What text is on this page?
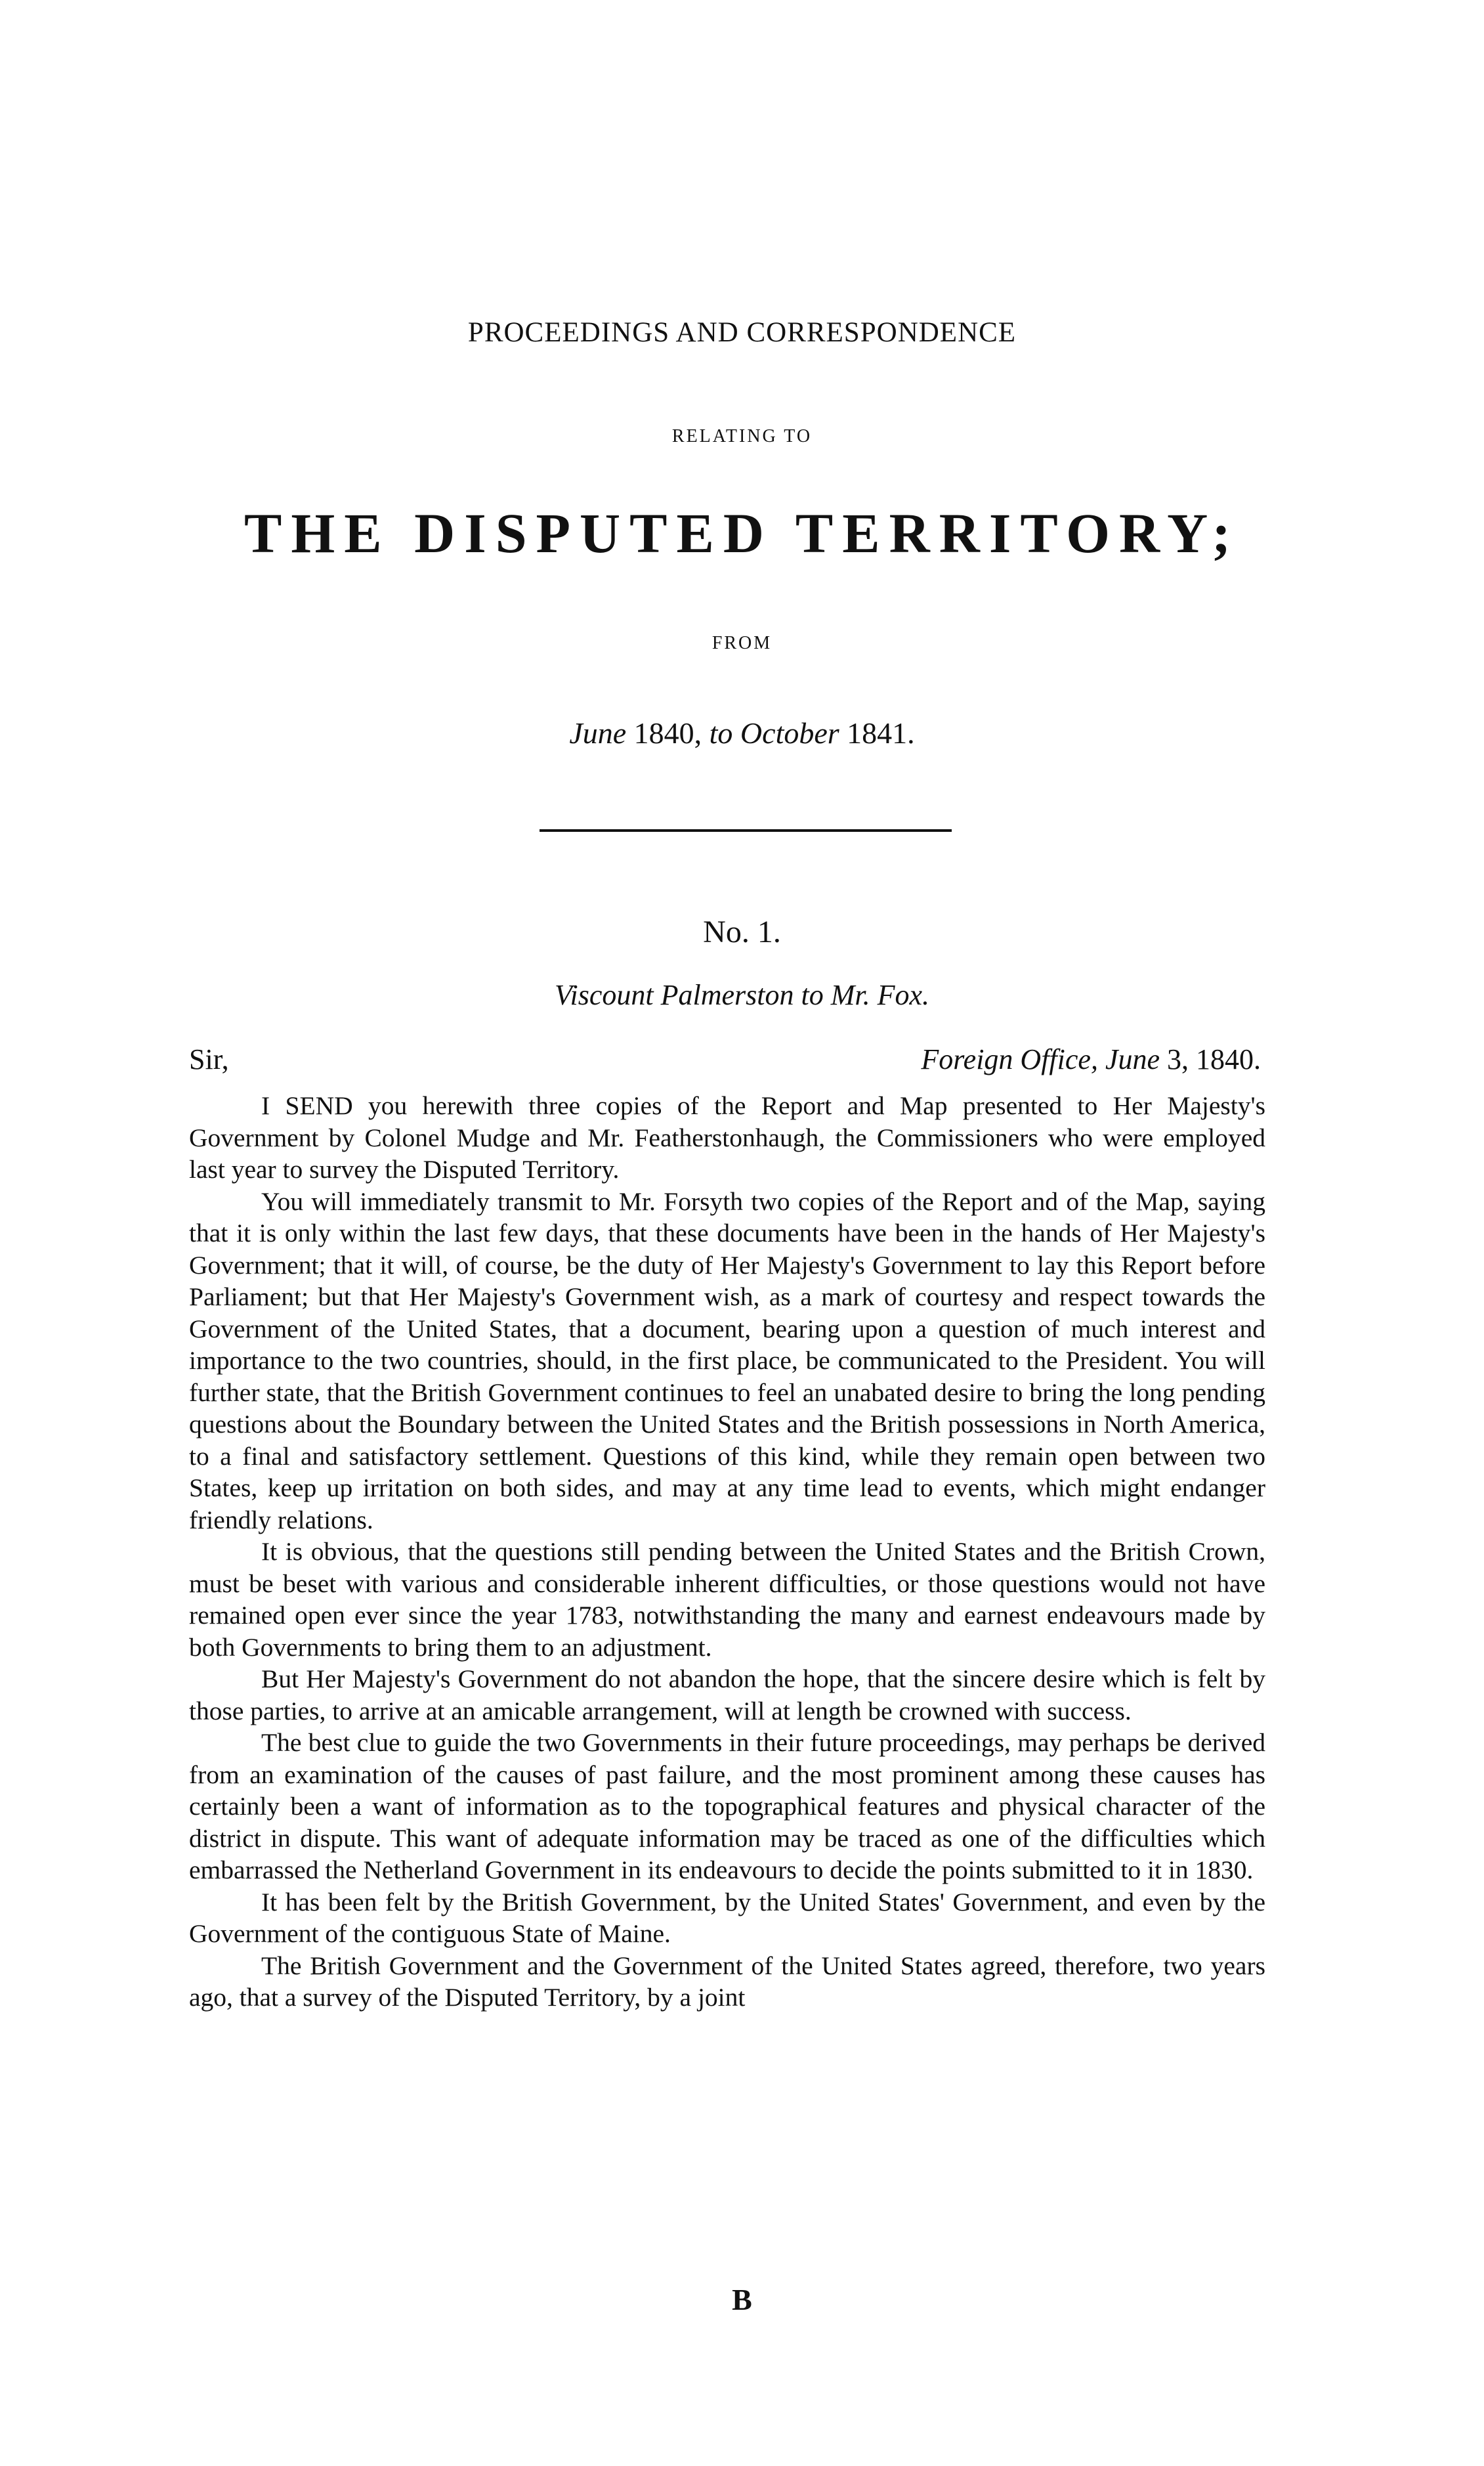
PROCEEDINGS AND CORRESPONDENCE
RELATING TO
THE DISPUTED TERRITORY;
FROM
June 1840, to October 1841.
No. 1.
Viscount Palmerston to Mr. Fox.
Sir,	Foreign Office, June 3, 1840.

I SEND you herewith three copies of the Report and Map presented to Her Majesty's Government by Colonel Mudge and Mr. Featherstonhaugh, the Commissioners who were employed last year to survey the Disputed Territory.

You will immediately transmit to Mr. Forsyth two copies of the Report and of the Map, saying that it is only within the last few days, that these documents have been in the hands of Her Majesty's Government; that it will, of course, be the duty of Her Majesty's Government to lay this Report before Parliament; but that Her Majesty's Government wish, as a mark of courtesy and respect towards the Government of the United States, that a document, bearing upon a question of much interest and importance to the two countries, should, in the first place, be communicated to the President. You will further state, that the British Government continues to feel an unabated desire to bring the long pending questions about the Boundary between the United States and the British possessions in North America, to a final and satisfactory settlement. Questions of this kind, while they remain open between two States, keep up irritation on both sides, and may at any time lead to events, which might endanger friendly relations.

It is obvious, that the questions still pending between the United States and the British Crown, must be beset with various and considerable inherent difficulties, or those questions would not have remained open ever since the year 1783, notwithstanding the many and earnest endeavours made by both Governments to bring them to an adjustment.

But Her Majesty's Government do not abandon the hope, that the sincere desire which is felt by those parties, to arrive at an amicable arrangement, will at length be crowned with success.

The best clue to guide the two Governments in their future proceedings, may perhaps be derived from an examination of the causes of past failure, and the most prominent among these causes has certainly been a want of information as to the topographical features and physical character of the district in dispute. This want of adequate information may be traced as one of the difficulties which embarrassed the Netherland Government in its endeavours to decide the points submitted to it in 1830.

It has been felt by the British Government, by the United States' Government, and even by the Government of the contiguous State of Maine.

The British Government and the Government of the United States agreed, therefore, two years ago, that a survey of the Disputed Territory, by a joint

B
